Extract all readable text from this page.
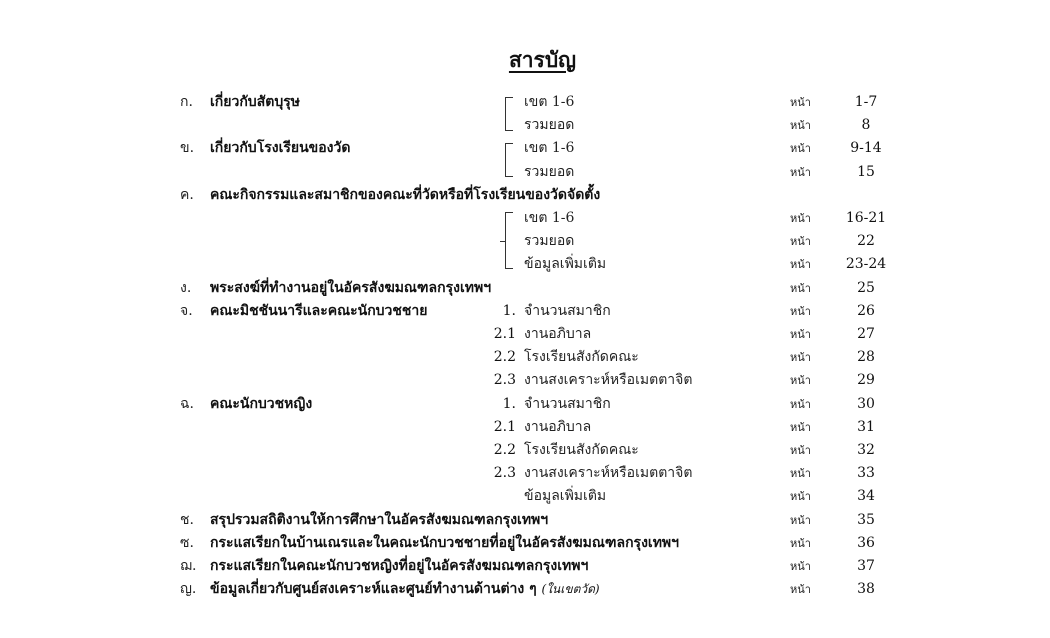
สารบัญ
ก.	เกี่ยวกับสัตบุรุษ	เขต 1-6	หน้า	1-7
รวมยอด	หน้า	8
ข.	เกี่ยวกับโรงเรียนของวัด	เขต 1-6	หน้า	9-14
รวมยอด	หน้า	15
ค.	คณะกิจกรรมและสมาชิกของคณะที่วัดหรือที่โรงเรียนของวัดจัดตั้ง
เขต 1-6	หน้า	16-21
รวมยอด	หน้า	22
ข้อมูลเพิ่มเติม	หน้า	23-24
ง.	พระสงฆ์ที่ทำงานอยู่ในอัครสังฆมณฑลกรุงเทพฯ	หน้า	25
จ.	คณะมิชชันนารีและคณะนักบวชชาย	1. จำนวนสมาชิก	หน้า	26
2.1 งานอภิบาล	หน้า	27
2.2 โรงเรียนสังกัดคณะ	หน้า	28
2.3 งานสงเคราะห์หรือเมตตาจิต	หน้า	29
ฉ.	คณะนักบวชหญิง	1. จำนวนสมาชิก	หน้า	30
2.1 งานอภิบาล	หน้า	31
2.2 โรงเรียนสังกัดคณะ	หน้า	32
2.3 งานสงเคราะห์หรือเมตตาจิต	หน้า	33
ข้อมูลเพิ่มเติม	หน้า	34
ช.	สรุปรวมสถิติงานให้การศึกษาในอัครสังฆมณฑลกรุงเทพฯ	หน้า	35
ซ.	กระแสเรียกในบ้านเณรและในคณะนักบวชชายที่อยู่ในอัครสังฆมณฑลกรุงเทพฯ	หน้า	36
ฌ. กระแสเรียกในคณะนักบวชหญิงที่อยู่ในอัครสังฆมณฑลกรุงเทพฯ	หน้า	37
ญ. ข้อมูลเกี่ยวกับศูนย์สงเคราะห์และศูนย์ทำงานด้านต่าง ๆ (ในเขตวัด)	หน้า	38
